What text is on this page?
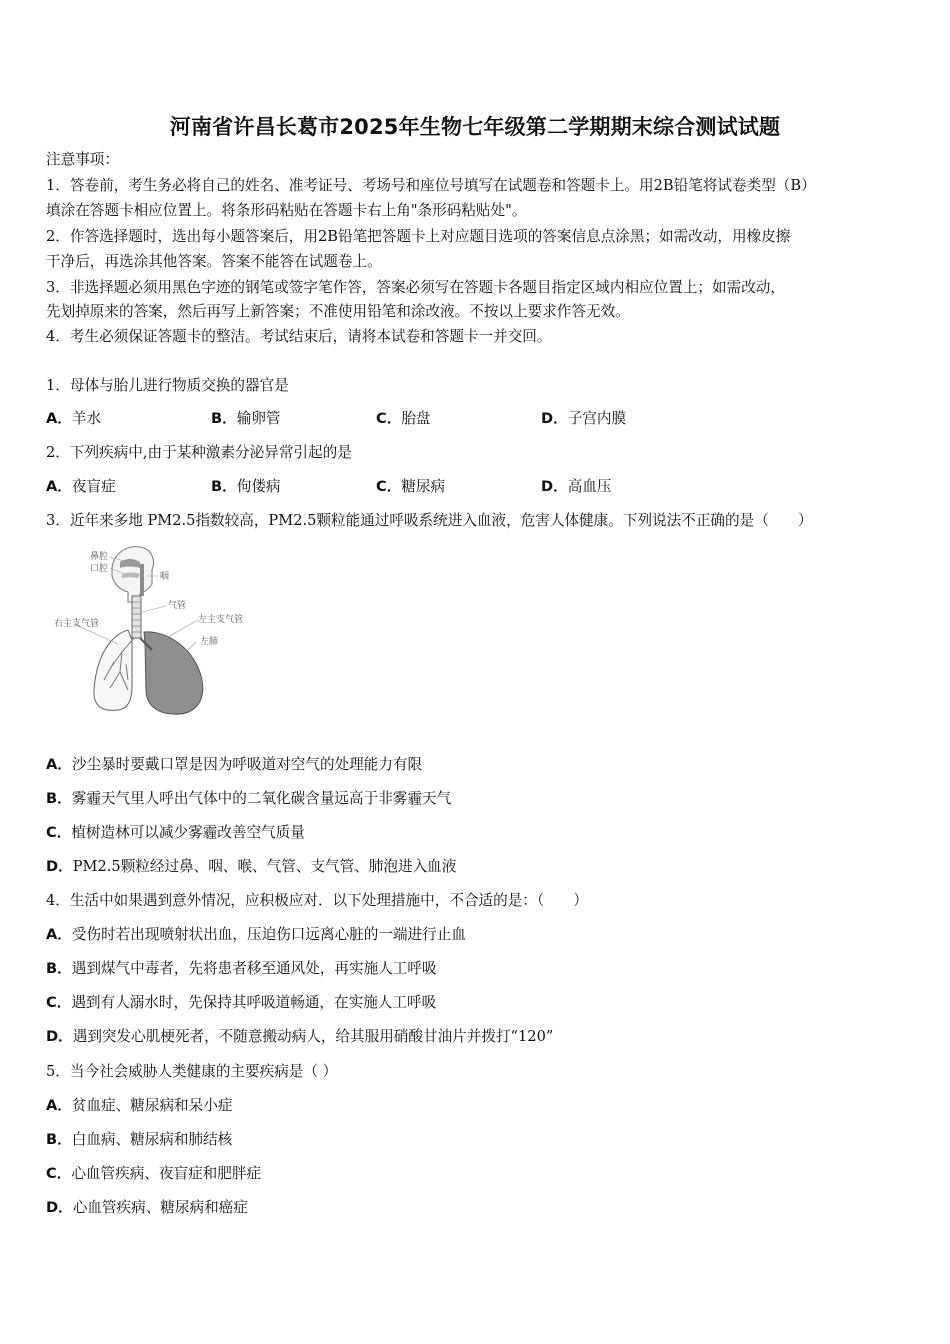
河南省许昌长葛市2025年生物七年级第二学期期末综合测试试题
注意事项：
1．答卷前，考生务必将自己的姓名、准考证号、考场号和座位号填写在试题卷和答题卡上。用2B铅笔将试卷类型（B）
填涂在答题卡相应位置上。将条形码粘贴在答题卡右上角"条形码粘贴处"。
2．作答选择题时，选出每小题答案后，用2B铅笔把答题卡上对应题目选项的答案信息点涂黑；如需改动，用橡皮擦
干净后，再选涂其他答案。答案不能答在试题卷上。
3．非选择题必须用黑色字迹的钢笔或签字笔作答，答案必须写在答题卡各题目指定区域内相应位置上；如需改动，
先划掉原来的答案，然后再写上新答案；不准使用铅笔和涂改液。不按以上要求作答无效。
4．考生必须保证答题卡的整洁。考试结束后，请将本试卷和答题卡一并交回。
1．母体与胎儿进行物质交换的器官是
A．羊水	B．输卵管	C．胎盘	D．子宫内膜
2．下列疾病中,由于某种激素分泌异常引起的是
A．夜盲症	B．佝偻病	C．糖尿病	D．高血压
3．近年来多地 PM2.5指数较高，PM2.5颗粒能通过呼吸系统进入血液，危害人体健康。下列说法不正确的是（　　）
鼻腔
口腔
咽
气管
右主支气管	左主支气管
左肺
A．沙尘暴时要戴口罩是因为呼吸道对空气的处理能力有限
B．雾霾天气里人呼出气体中的二氧化碳含量远高于非雾霾天气
C．植树造林可以减少雾霾改善空气质量
D．PM2.5颗粒经过鼻、咽、喉、气管、支气管、肺泡进入血液
4．生活中如果遇到意外情况，应积极应对．以下处理措施中，不合适的是：（　　）
A．受伤时若出现喷射状出血，压迫伤口远离心脏的一端进行止血
B．遇到煤气中毒者，先将患者移至通风处，再实施人工呼吸
C．遇到有人溺水时，先保持其呼吸道畅通，在实施人工呼吸
D．遇到突发心肌梗死者，不随意搬动病人，给其服用硝酸甘油片并拨打“120”
5．当今社会威胁人类健康的主要疾病是（ ）
A．贫血症、糖尿病和呆小症
B．白血病、糖尿病和肺结核
C．心血管疾病、夜盲症和肥胖症
D．心血管疾病、糖尿病和癌症
